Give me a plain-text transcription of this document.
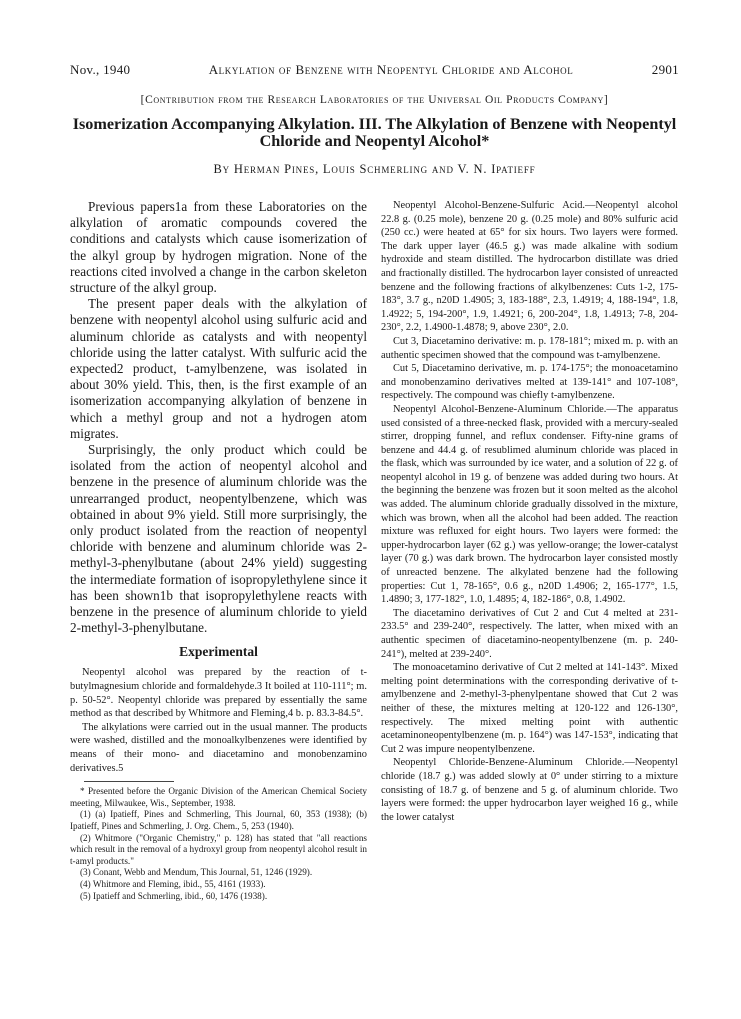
Nov., 1940	Alkylation of Benzene with Neopentyl Chloride and Alcohol	2901
[Contribution from the Research Laboratories of the Universal Oil Products Company]
Isomerization Accompanying Alkylation. III. The Alkylation of Benzene with Neopentyl Chloride and Neopentyl Alcohol*
By Herman Pines, Louis Schmerling and V. N. Ipatieff

Previous papers1a from these Laboratories on the alkylation of aromatic compounds covered the conditions and catalysts which cause isomerization of the alkyl group by hydrogen migration. None of the reactions cited involved a change in the carbon skeleton structure of the alkyl group.

The present paper deals with the alkylation of benzene with neopentyl alcohol using sulfuric acid and aluminum chloride as catalysts and with neopentyl chloride using the latter catalyst. With sulfuric acid the expected2 product, t-amylbenzene, was isolated in about 30% yield. This, then, is the first example of an isomerization accompanying alkylation of benzene in which a methyl group and not a hydrogen atom migrates.

Surprisingly, the only product which could be isolated from the action of neopentyl alcohol and benzene in the presence of aluminum chloride was the unrearranged product, neopentylbenzene, which was obtained in about 9% yield. Still more surprisingly, the only product isolated from the reaction of neopentyl chloride with benzene and aluminum chloride was 2-methyl-3-phenylbutane (about 24% yield) suggesting the intermediate formation of isopropylethylene since it has been shown1b that isopropylethylene reacts with benzene in the presence of aluminum chloride to yield 2-methyl-3-phenylbutane.

Experimental

Neopentyl alcohol was prepared by the reaction of t-butylmagnesium chloride and formaldehyde.3 It boiled at 110-111°; m. p. 50-52°. Neopentyl chloride was prepared by essentially the same method as that described by Whitmore and Fleming,4 b. p. 83.3-84.5°.

The alkylations were carried out in the usual manner. The products were washed, distilled and the monoalkylbenzenes were identified by means of their mono- and diacetamino and monobenzamino derivatives.5

* Presented before the Organic Division of the American Chemical Society meeting, Milwaukee, Wis., September, 1938.

(1) (a) Ipatieff, Pines and Schmerling, This Journal, 60, 353 (1938); (b) Ipatieff, Pines and Schmerling, J. Org. Chem., 5, 253 (1940).

(2) Whitmore ("Organic Chemistry," p. 128) has stated that "all reactions which result in the removal of a hydroxyl group from neopentyl alcohol result in t-amyl products."

(3) Conant, Webb and Mendum, This Journal, 51, 1246 (1929).

(4) Whitmore and Fleming, ibid., 55, 4161 (1933).

(5) Ipatieff and Schmerling, ibid., 60, 1476 (1938).

Neopentyl Alcohol-Benzene-Sulfuric Acid.—Neopentyl alcohol 22.8 g. (0.25 mole), benzene 20 g. (0.25 mole) and 80% sulfuric acid (250 cc.) were heated at 65° for six hours. Two layers were formed. The dark upper layer (46.5 g.) was made alkaline with sodium hydroxide and steam distilled. The hydrocarbon distillate was dried and fractionally distilled. The hydrocarbon layer consisted of unreacted benzene and the following fractions of alkylbenzenes: Cuts 1-2, 175-183°, 3.7 g., n20D 1.4905; 3, 183-188°, 2.3, 1.4919; 4, 188-194°, 1.8, 1.4922; 5, 194-200°, 1.9, 1.4921; 6, 200-204°, 1.8, 1.4913; 7-8, 204-230°, 2.2, 1.4900-1.4878; 9, above 230°, 2.0.

Cut 3, Diacetamino derivative: m. p. 178-181°; mixed m. p. with an authentic specimen showed that the compound was t-amylbenzene.

Cut 5, Diacetamino derivative, m. p. 174-175°; the monoacetamino and monobenzamino derivatives melted at 139-141° and 107-108°, respectively. The compound was chiefly t-amylbenzene.

Neopentyl Alcohol-Benzene-Aluminum Chloride.—The apparatus used consisted of a three-necked flask, provided with a mercury-sealed stirrer, dropping funnel, and reflux condenser. Fifty-nine grams of benzene and 44.4 g. of resublimed aluminum chloride was placed in the flask, which was surrounded by ice water, and a solution of 22 g. of neopentyl alcohol in 19 g. of benzene was added during two hours. At the beginning the benzene was frozen but it soon melted as the alcohol was added. The aluminum chloride gradually dissolved in the mixture, which was brown, when all the alcohol had been added. The reaction mixture was refluxed for eight hours. Two layers were formed: the upper-hydrocarbon layer (62 g.) was yellow-orange; the lower-catalyst layer (70 g.) was dark brown. The hydrocarbon layer consisted mostly of unreacted benzene. The alkylated benzene had the following properties: Cut 1, 78-165°, 0.6 g., n20D 1.4906; 2, 165-177°, 1.5, 1.4890; 3, 177-182°, 1.0, 1.4895; 4, 182-186°, 0.8, 1.4902.

The diacetamino derivatives of Cut 2 and Cut 4 melted at 231-233.5° and 239-240°, respectively. The latter, when mixed with an authentic specimen of diacetamino-neopentylbenzene (m. p. 240-241°), melted at 239-240°.

The monoacetamino derivative of Cut 2 melted at 141-143°. Mixed melting point determinations with the corresponding derivative of t-amylbenzene and 2-methyl-3-phenylpentane showed that Cut 2 was neither of these, the mixtures melting at 120-122 and 126-130°, respectively. The mixed melting point with authentic acetaminoneopentylbenzene (m. p. 164°) was 147-153°, indicating that Cut 2 was impure neopentylbenzene.

Neopentyl Chloride-Benzene-Aluminum Chloride.—Neopentyl chloride (18.7 g.) was added slowly at 0° under stirring to a mixture consisting of 18.7 g. of benzene and 5 g. of aluminum chloride. Two layers were formed: the upper hydrocarbon layer weighed 16 g., while the lower catalyst
